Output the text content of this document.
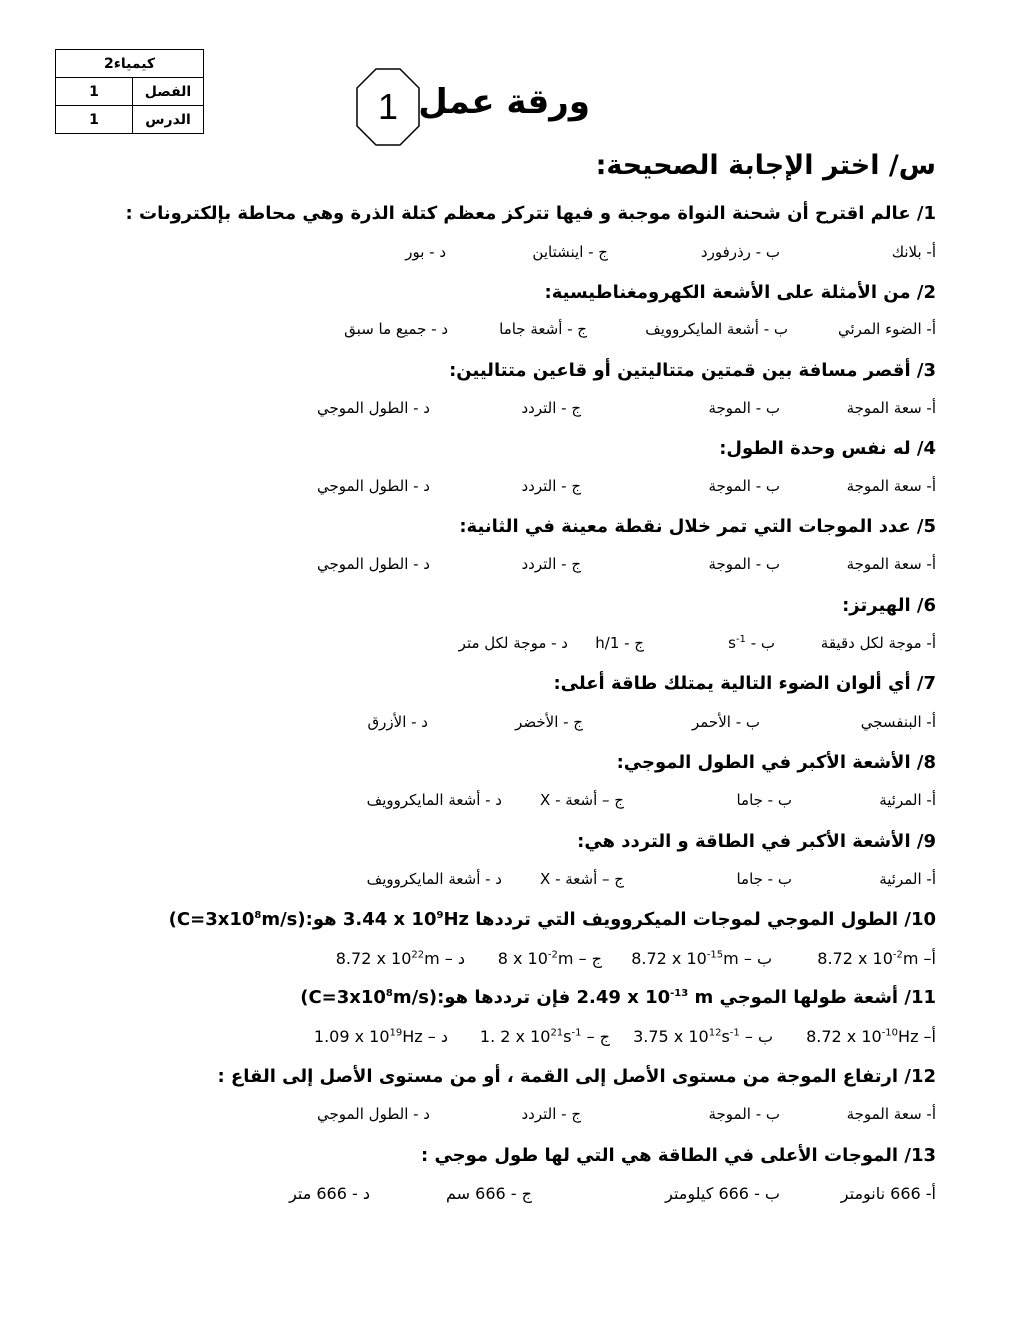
كيمياء2	
1	الفصل
1	الدرس	1 ورقة عمل
س/ اختر الإجابة الصحيحة:
1/ عالم اقترح أن شحنة النواة موجبة و فيها تتركز معظم كتلة الذرة وهي محاطة بإلكترونات :
أ- بلانك
ب - رذرفورد
ج - اينشتاين
د - بور
2/ من الأمثلة على الأشعة الكهرومغناطيسية:
أ- الضوء المرئي
ب - أشعة المايكروويف
ج - أشعة جاما
د - جميع ما سبق
3/ أقصر مسافة بين قمتين متتاليتين أو قاعين متتاليين:
أ- سعة الموجة
ب - الموجة
ج - التردد
د - الطول الموجي
4/ له نفس وحدة الطول:
أ- سعة الموجة
ب - الموجة
ج - التردد
د - الطول الموجي
5/ عدد الموجات التي تمر خلال نقطة معينة في الثانية:
أ- سعة الموجة
ب - الموجة
ج - التردد
د - الطول الموجي
6/ الهيرتز:
أ- موجة لكل دقيقة
ب - $s^{-1}$
ج - 1/h
د - موجة لكل متر
7/ أي ألوان الضوء التالية يمتلك طاقة أعلى:
أ- البنفسجي
ب - الأحمر
ج - الأخضر
د - الأزرق
8/ الأشعة الأكبر في الطول الموجي:
أ- المرئية
ب - جاما
ج – أشعة - X
د - أشعة المايكروويف
9/ الأشعة الأكبر في الطاقة و التردد هي:
أ- المرئية
ب - جاما
ج – أشعة - X
د - أشعة المايكروويف
10/ الطول الموجي لموجات الميكروويف التي ترددها 3.44 x $10^9Hz$ $هو:(C=3x10^8m/s)$
أ– 8.72 x $10^{-2}m$
ب – 8.72 x $10^{-15}m$
ج – 8 x $10^{-2}m$
د – 8.72 x $10^{22}m$
11/ أشعة طولها الموجي 2.49 x $10^{-13}$ m فإن ترددها $هو:(C=3x10^8m/s)$
أ– 8.72 x $10^{-10}Hz$
ب – 3.75 x $10^{12}s^{-1}$
ج – 1. 2 x $10^{21}s^{-1}$
د – 1.09 x $10^{19}Hz$
12/ ارتفاع الموجة من مستوى الأصل إلى القمة ، أو من مستوى الأصل إلى القاع :
أ- سعة الموجة
ب - الموجة
ج - التردد
د - الطول الموجي
13/ الموجات الأعلى في الطاقة هي التي لها طول موجي :
أ- 666 نانومتر
ب - 666 كيلومتر
ج - 666 سم
د - 666 متر
